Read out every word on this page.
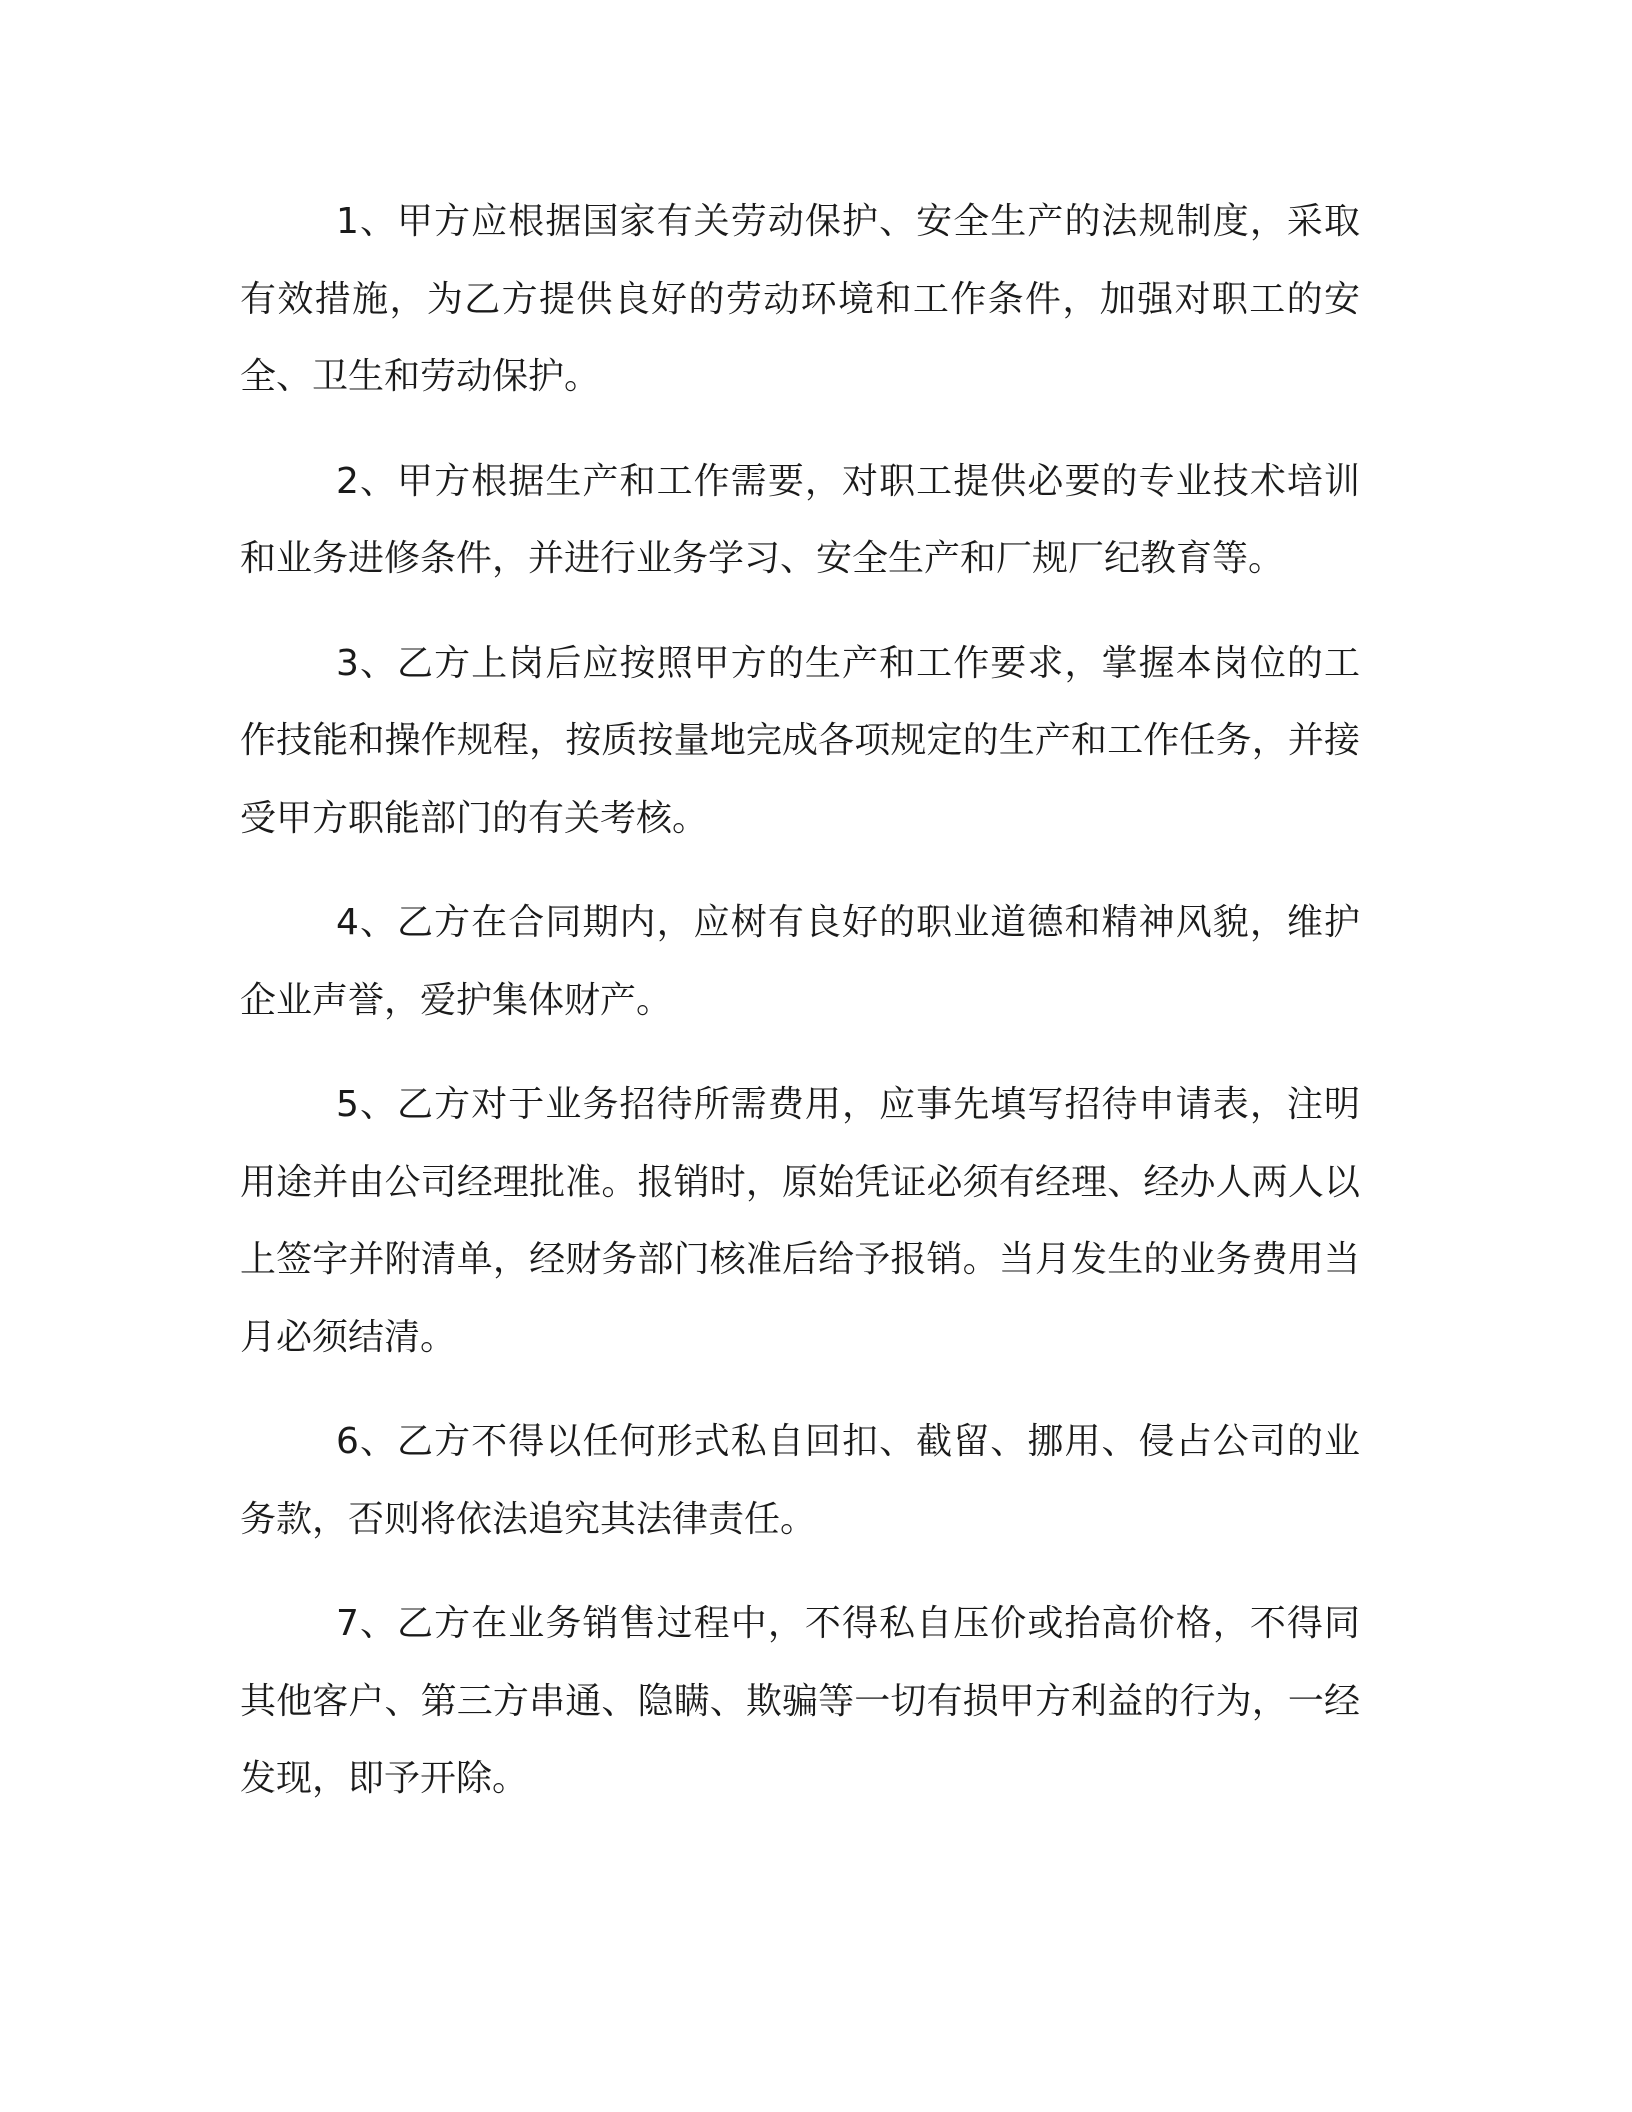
1、甲方应根据国家有关劳动保护、安全生产的法规制度，采取有效措施，为乙方提供良好的劳动环境和工作条件，加强对职工的安全、卫生和劳动保护。

2、甲方根据生产和工作需要，对职工提供必要的专业技术培训和业务进修条件，并进行业务学习、安全生产和厂规厂纪教育等。

3、乙方上岗后应按照甲方的生产和工作要求，掌握本岗位的工作技能和操作规程，按质按量地完成各项规定的生产和工作任务，并接受甲方职能部门的有关考核。

4、乙方在合同期内，应树有良好的职业道德和精神风貌，维护企业声誉，爱护集体财产。

5、乙方对于业务招待所需费用，应事先填写招待申请表，注明用途并由公司经理批准。报销时，原始凭证必须有经理、经办人两人以上签字并附清单，经财务部门核准后给予报销。当月发生的业务费用当月必须结清。

6、乙方不得以任何形式私自回扣、截留、挪用、侵占公司的业务款，否则将依法追究其法律责任。

7、乙方在业务销售过程中，不得私自压价或抬高价格，不得同其他客户、第三方串通、隐瞒、欺骗等一切有损甲方利益的行为，一经发现，即予开除。
